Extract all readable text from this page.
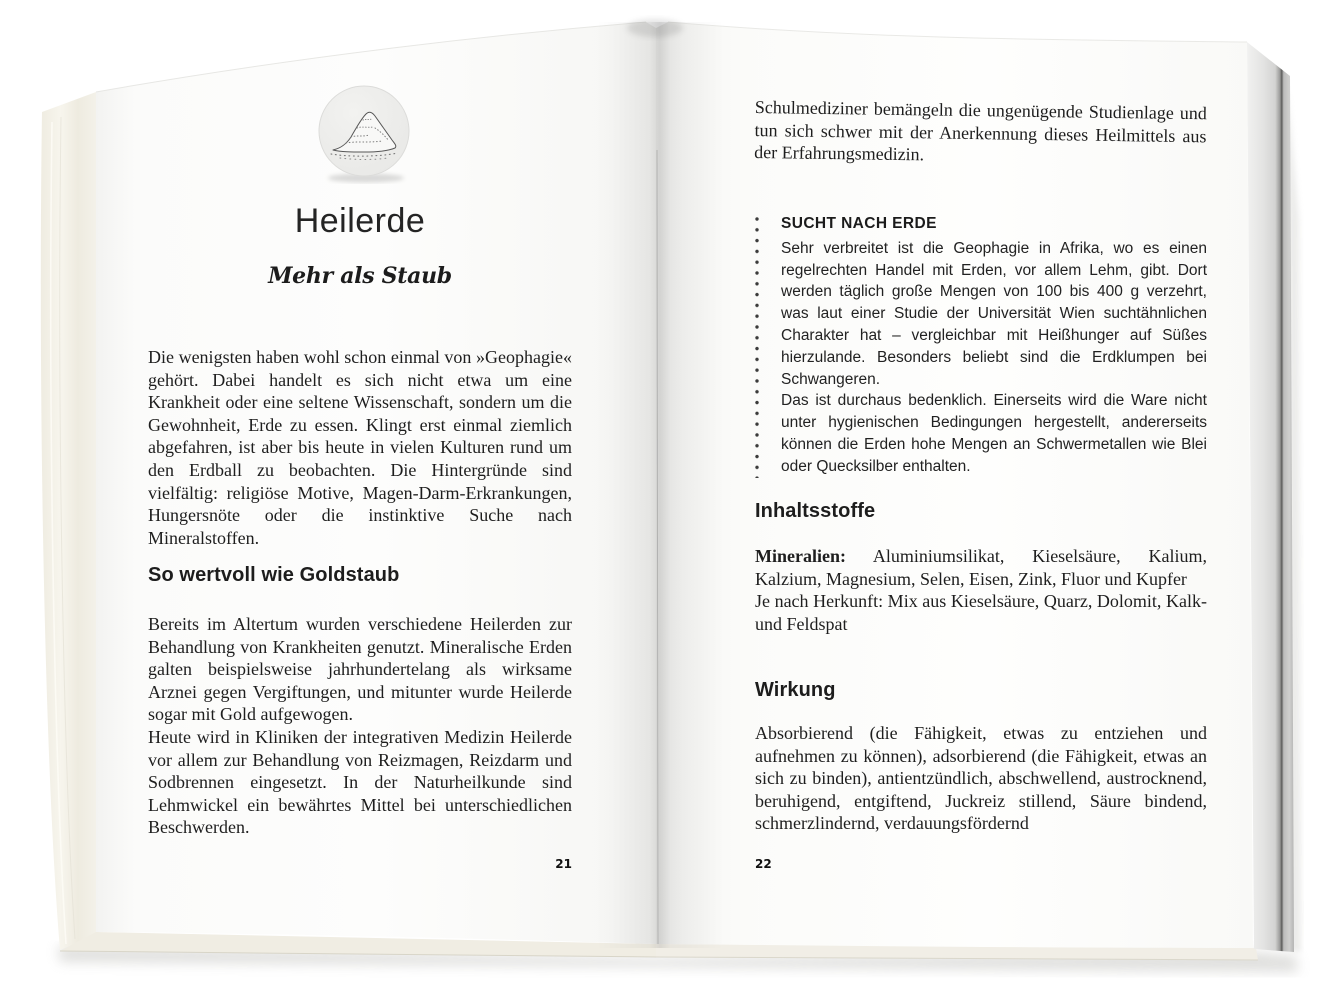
Heilerde
Mehr als Staub

Die wenigsten haben wohl schon einmal von »Geophagie« gehört. Dabei handelt es sich nicht etwa um eine Krankheit oder eine seltene Wissenschaft, sondern um die Gewohnheit, Erde zu essen. Klingt erst einmal ziemlich abgefahren, ist aber bis heute in vielen Kulturen rund um den Erdball zu beobachten. Die Hintergründe sind vielfältig: religiöse Motive, Magen-Darm-Erkrankungen, Hungersnöte oder die instinktive Suche nach Mineralstoffen.

So wertvoll wie Goldstaub

Bereits im Altertum wurden verschiedene Heilerden zur Behandlung von Krankheiten genutzt. Mineralische Erden galten beispielsweise jahrhundertelang als wirksame Arznei gegen Vergiftungen, und mitunter wurde Heilerde sogar mit Gold aufgewogen.

Heute wird in Kliniken der integrativen Medizin Heilerde vor allem zur Behandlung von Reizmagen, Reizdarm und Sodbrennen eingesetzt. In der Naturheilkunde sind Lehmwickel ein bewährtes Mittel bei unterschiedlichen Beschwerden.

21

Schulmediziner bemängeln die ungenügende Studienlage und tun sich schwer mit der Anerkennung dieses Heilmittels aus der Erfahrungsmedizin.

SUCHT NACH ERDE

Sehr verbreitet ist die Geophagie in Afrika, wo es einen regelrechten Handel mit Erden, vor allem Lehm, gibt. Dort werden täglich große Mengen von 100 bis 400 g verzehrt, was laut einer Studie der Universität Wien suchtähnlichen Charakter hat – vergleichbar mit Heißhunger auf Süßes hierzulande. Besonders beliebt sind die Erdklumpen bei Schwangeren.

Das ist durchaus bedenklich. Einerseits wird die Ware nicht unter hygienischen Bedingungen hergestellt, andererseits können die Erden hohe Mengen an Schwermetallen wie Blei oder Quecksilber enthalten.

Inhaltsstoffe

Mineralien: Aluminiumsilikat, Kieselsäure, Kalium, Kalzium, Magnesium, Selen, Eisen, Zink, Fluor und Kupfer

Je nach Herkunft: Mix aus Kieselsäure, Quarz, Dolomit, Kalk- und Feldspat

Wirkung

Absorbierend (die Fähigkeit, etwas zu entziehen und aufnehmen zu können), adsorbierend (die Fähigkeit, etwas an sich zu binden), antientzündlich, abschwellend, austrocknend, beruhigend, entgiftend, Juckreiz stillend, Säure bindend, schmerzlindernd, verdauungsfördernd

22
